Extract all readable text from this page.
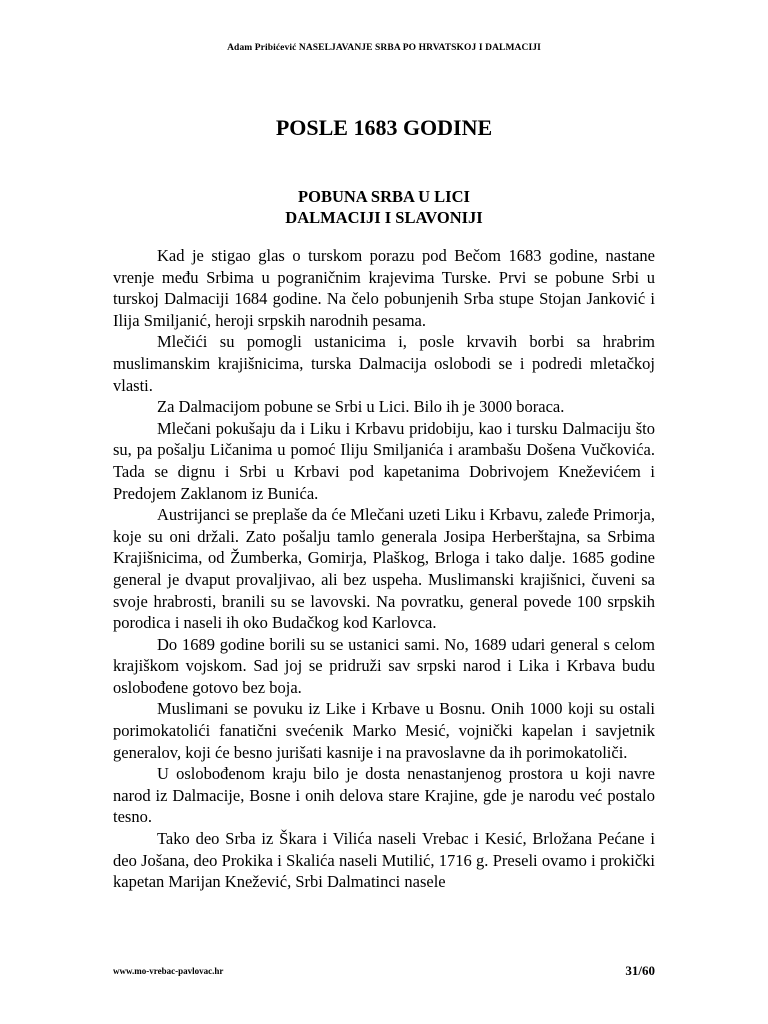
Adam Pribićević NASELJAVANJE SRBA PO HRVATSKOJ I DALMACIJI
POSLE 1683 GODINE
POBUNA SRBA U LICI
DALMACIJI I SLAVONIJI

Kad je stigao glas o turskom porazu pod Bečom 1683 godine, nastane vrenje među Srbima u pograničnim krajevima Turske. Prvi se pobune Srbi u turskoj Dalmaciji 1684 godine. Na čelo pobunjenih Srba stupe Stojan Janković i Ilija Smiljanić, heroji srpskih narodnih pesama.

Mlečići su pomogli ustanicima i, posle krvavih borbi sa hrabrim muslimanskim krajišnicima, turska Dalmacija oslobodi se i podredi mletačkoj vlasti.

Za Dalmacijom pobune se Srbi u Lici. Bilo ih je 3000 boraca.

Mlečani pokušaju da i Liku i Krbavu pridobiju, kao i tursku Dalmaciju što su, pa pošalju Ličanima u pomoć Iliju Smiljanića i arambašu Došena Vučkovića. Tada se dignu i Srbi u Krbavi pod kapetanima Dobrivojem Kneževićem i Predojem Zaklanom iz Bunića.

Austrijanci se preplaše da će Mlečani uzeti Liku i Krbavu, zaleđe Primorja, koje su oni držali. Zato pošalju tamlo generala Josipa Herberštajna, sa Srbima Krajišnicima, od Žumberka, Gomirja, Plaškog, Brloga i tako dalje. 1685 godine general je dvaput provaljivao, ali bez uspeha. Muslimanski krajišnici, čuveni sa svoje hrabrosti, branili su se lavovski. Na povratku, general povede 100 srpskih porodica i naseli ih oko Budačkog kod Karlovca.

Do 1689 godine borili su se ustanici sami. No, 1689 udari general s celom krajiškom vojskom. Sad joj se pridruži sav srpski narod i Lika i Krbava budu oslobođene gotovo bez boja.

Muslimani se povuku iz Like i Krbave u Bosnu. Onih 1000 koji su ostali porimokatolići fanatični svećenik Marko Mesić, vojnički kapelan i savjetnik generalov, koji će besno jurišati kasnije i na pravoslavne da ih porimokatoliči.

U oslobođenom kraju bilo je dosta nenastanjenog prostora u koji navre narod iz Dalmacije, Bosne i onih delova stare Krajine, gde je narodu već postalo tesno.

Tako deo Srba iz Škara i Vilića naseli Vrebac i Kesić, Brložana Pećane i deo Jošana, deo Prokika i Skalića naseli Mutilić, 1716 g. Preseli ovamo i prokički kapetan Marijan Knežević, Srbi Dalmatinci nasele

www.mo-vrebac-pavlovac.hr	31/60
